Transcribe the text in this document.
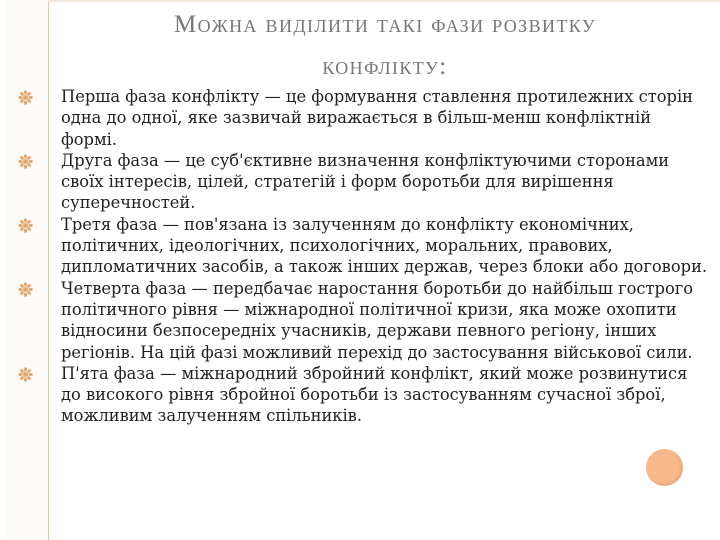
Можна виділити такі фази розвитку
конфлікту:
Перша фаза конфлікту — це формування ставлення протилежних сторін одна до одної, яке зазвичай виражається в більш-менш конфліктній формі.
Друга фаза — це суб'єктивне визначення конфліктуючими сторонами своїх інтересів, цілей, стратегій і форм боротьби для вирішення суперечностей.
Третя фаза — пов'язана із залученням до конфлікту економічних, політичних, ідеологічних, психологічних, моральних, правових, дипломатичних засобів, а також інших держав, через блоки або договори.
Четверта фаза — передбачає наростання боротьби до найбільш гострого політичного рівня — міжнародної політичної кризи, яка може охопити відносини безпосередніх учасників, держави певного регіону, інших регіонів. На цій фазі можливий перехід до застосування військової сили.
П'ята фаза — міжнародний збройний конфлікт, який може розвинутися до високого рівня збройної боротьби із застосуванням сучасної зброї, можливим залученням спільників.
